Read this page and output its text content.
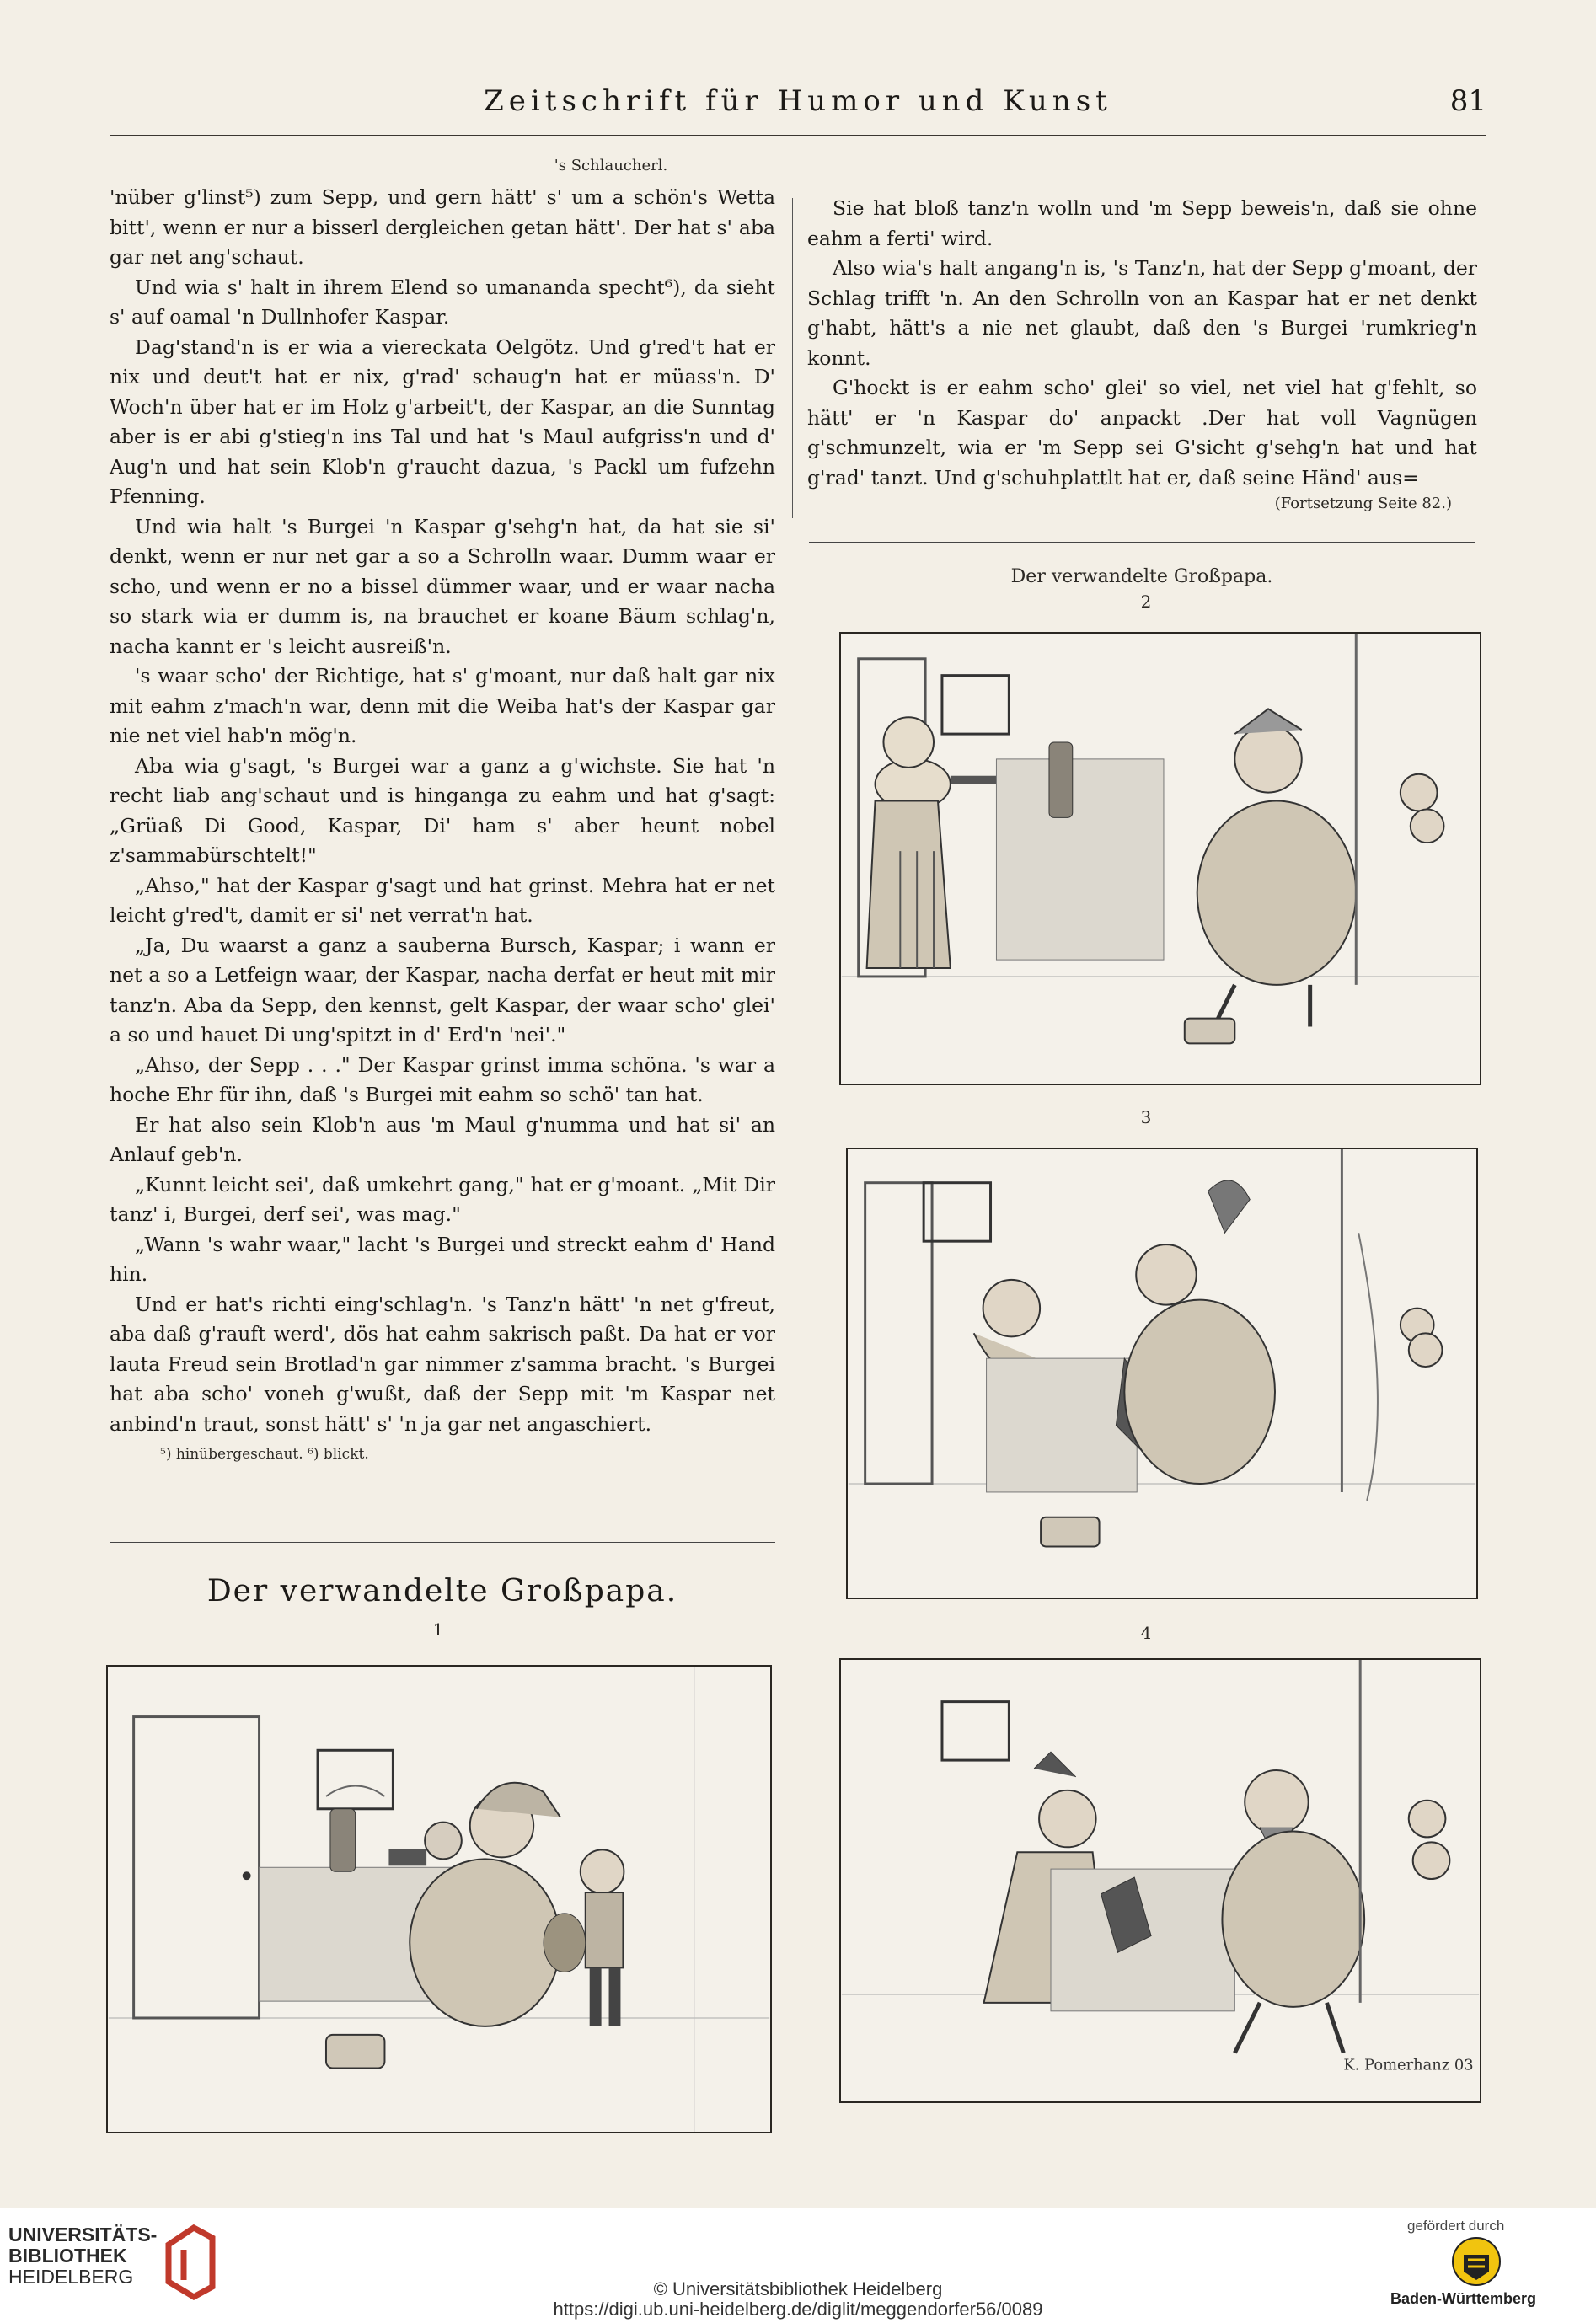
Zeitschrift für Humor und Kunst	81
's Schlaucherl.

'nüber g'linst⁵) zum Sepp, und gern hätt' s' um a schön's Wetta bitt', wenn er nur a bisserl dergleichen getan hätt'. Der hat s' aba gar net ang'schaut.

Und wia s' halt in ihrem Elend so umananda specht⁶), da sieht s' auf oamal 'n Dullnhofer Kaspar.

Dag'stand'n is er wia a viereckata Oelgötz. Und g'red't hat er nix und deut't hat er nix, g'rad' schaug'n hat er müass'n. D' Woch'n über hat er im Holz g'arbeit't, der Kaspar, an die Sunntag aber is er abi g'stieg'n ins Tal und hat 's Maul aufgriss'n und d' Aug'n und hat sein Klob'n g'raucht dazua, 's Packl um fufzehn Pfenning.

Und wia halt 's Burgei 'n Kaspar g'sehg'n hat, da hat sie si' denkt, wenn er nur net gar a so a Schrolln waar. Dumm waar er scho, und wenn er no a bissel dümmer waar, und er waar nacha so stark wia er dumm is, na brauchet er koane Bäum schlag'n, nacha kannt er 's leicht ausreiß'n.

's waar scho' der Richtige, hat s' g'moant, nur daß halt gar nix mit eahm z'mach'n war, denn mit die Weiba hat's der Kaspar gar nie net viel hab'n mög'n.

Aba wia g'sagt, 's Burgei war a ganz a g'wichste. Sie hat 'n recht liab ang'schaut und is hinganga zu eahm und hat g'sagt: „Grüaß Di Good, Kaspar, Di' ham s' aber heunt nobel z'sammabürschtelt!"

„Ahso," hat der Kaspar g'sagt und hat grinst. Mehra hat er net leicht g'red't, damit er si' net verrat'n hat.

„Ja, Du waarst a ganz a sauberna Bursch, Kaspar; i wann er net a so a Letfeign waar, der Kaspar, nacha derfat er heut mit mir tanz'n. Aba da Sepp, den kennst, gelt Kaspar, der waar scho' glei' a so und hauet Di ung'spitzt in d' Erd'n 'nei'."

„Ahso, der Sepp . . ." Der Kaspar grinst imma schöna. 's war a hoche Ehr für ihn, daß 's Burgei mit eahm so schö' tan hat.

Er hat also sein Klob'n aus 'm Maul g'numma und hat si' an Anlauf geb'n.

„Kunnt leicht sei', daß umkehrt gang," hat er g'moant. „Mit Dir tanz' i, Burgei, derf sei', was mag."

„Wann 's wahr waar," lacht 's Burgei und streckt eahm d' Hand hin.

Und er hat's richti eing'schlag'n. 's Tanz'n hätt' 'n net g'freut, aba daß g'rauft werd', dös hat eahm sakrisch paßt. Da hat er vor lauta Freud sein Brotlad'n gar nimmer z'samma bracht. 's Burgei hat aba scho' voneh g'wußt, daß der Sepp mit 'm Kaspar net anbind'n traut, sonst hätt' s' 'n ja gar net angaschiert.

⁵) hinübergeschaut. ⁶) blickt.

Sie hat bloß tanz'n wolln und 'm Sepp beweis'n, daß sie ohne eahm a ferti' wird.

Also wia's halt angang'n is, 's Tanz'n, hat der Sepp g'moant, der Schlag trifft 'n. An den Schrolln von an Kaspar hat er net denkt g'habt, hätt's a nie net glaubt, daß den 's Burgei 'rumkrieg'n konnt.

G'hockt is er eahm scho' glei' so viel, net viel hat g'fehlt, so hätt' er 'n Kaspar do' anpackt .Der hat voll Vagnügen g'schmunzelt, wia er 'm Sepp sei G'sicht g'sehg'n hat und hat g'rad' tanzt. Und g'schuhplattlt hat er, daß seine Händ' aus=

(Fortsetzung Seite 82.)
Der verwandelte Großpapa.
Der verwandelte Großpapa.
1
2
3
4
K. Pomerhanz 03
UNIVERSITÄTS-
BIBLIOTHEK
HEIDELBERG
© Universitätsbibliothek Heidelberg
https://digi.ub.uni-heidelberg.de/diglit/meggendorfer56/0089
gefördert durch
Baden-Württemberg
